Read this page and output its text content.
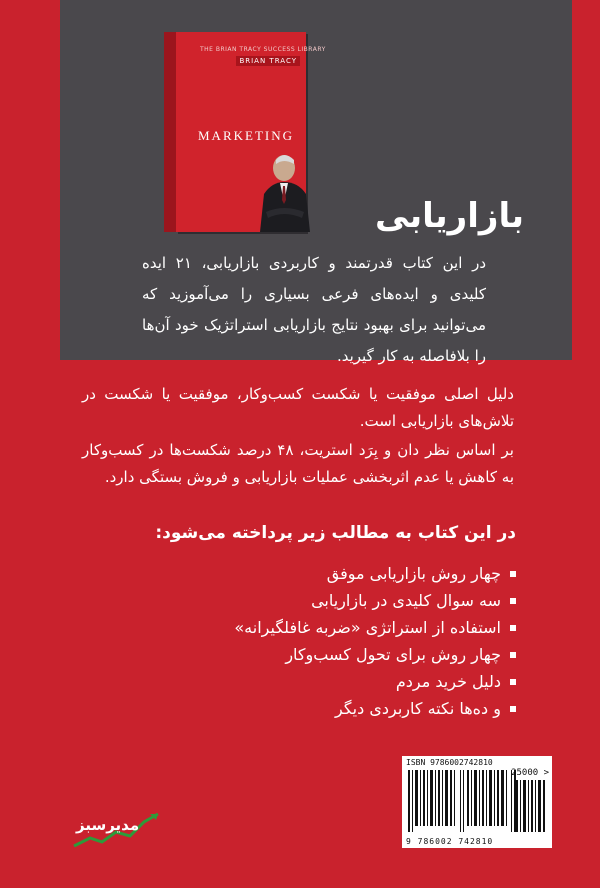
THE BRIAN TRACY SUCCESS LIBRARY
BRIAN TRACY
MARKETING
بازاریابی
در این کتاب قدرتمند و کاربردی بازاریابی، ۲۱ ایده کلیدی و ایده‌های فرعی بسیاری را می‌آموزید که می‌توانید برای بهبود نتایج بازاریابی استراتژیک خود آن‌ها را بلافاصله به کار گیرید.
دلیل اصلی موفقیت یا شکست کسب‌وکار، موفقیت یا شکست در تلاش‌های بازاریابی است.
بر اساس نظر دان و بِرَد استریت، ۴۸ درصد شکست‌ها در کسب‌وکار به کاهش یا عدم اثربخشی عملیات بازاریابی و فروش بستگی دارد.
در این کتاب به مطالب زیر پرداخته می‌شود:
چهار روش بازاریابی موفق
سه سوال کلیدی در بازاریابی
استفاده از استراتژی «ضربه غافلگیرانه»
چهار روش برای تحول کسب‌وکار
دلیل خرید مردم
و ده‌ها نکته کاربردی دیگر
ISBN 9786002742810
25000 >
9 786002 742810
مدیرسبز
